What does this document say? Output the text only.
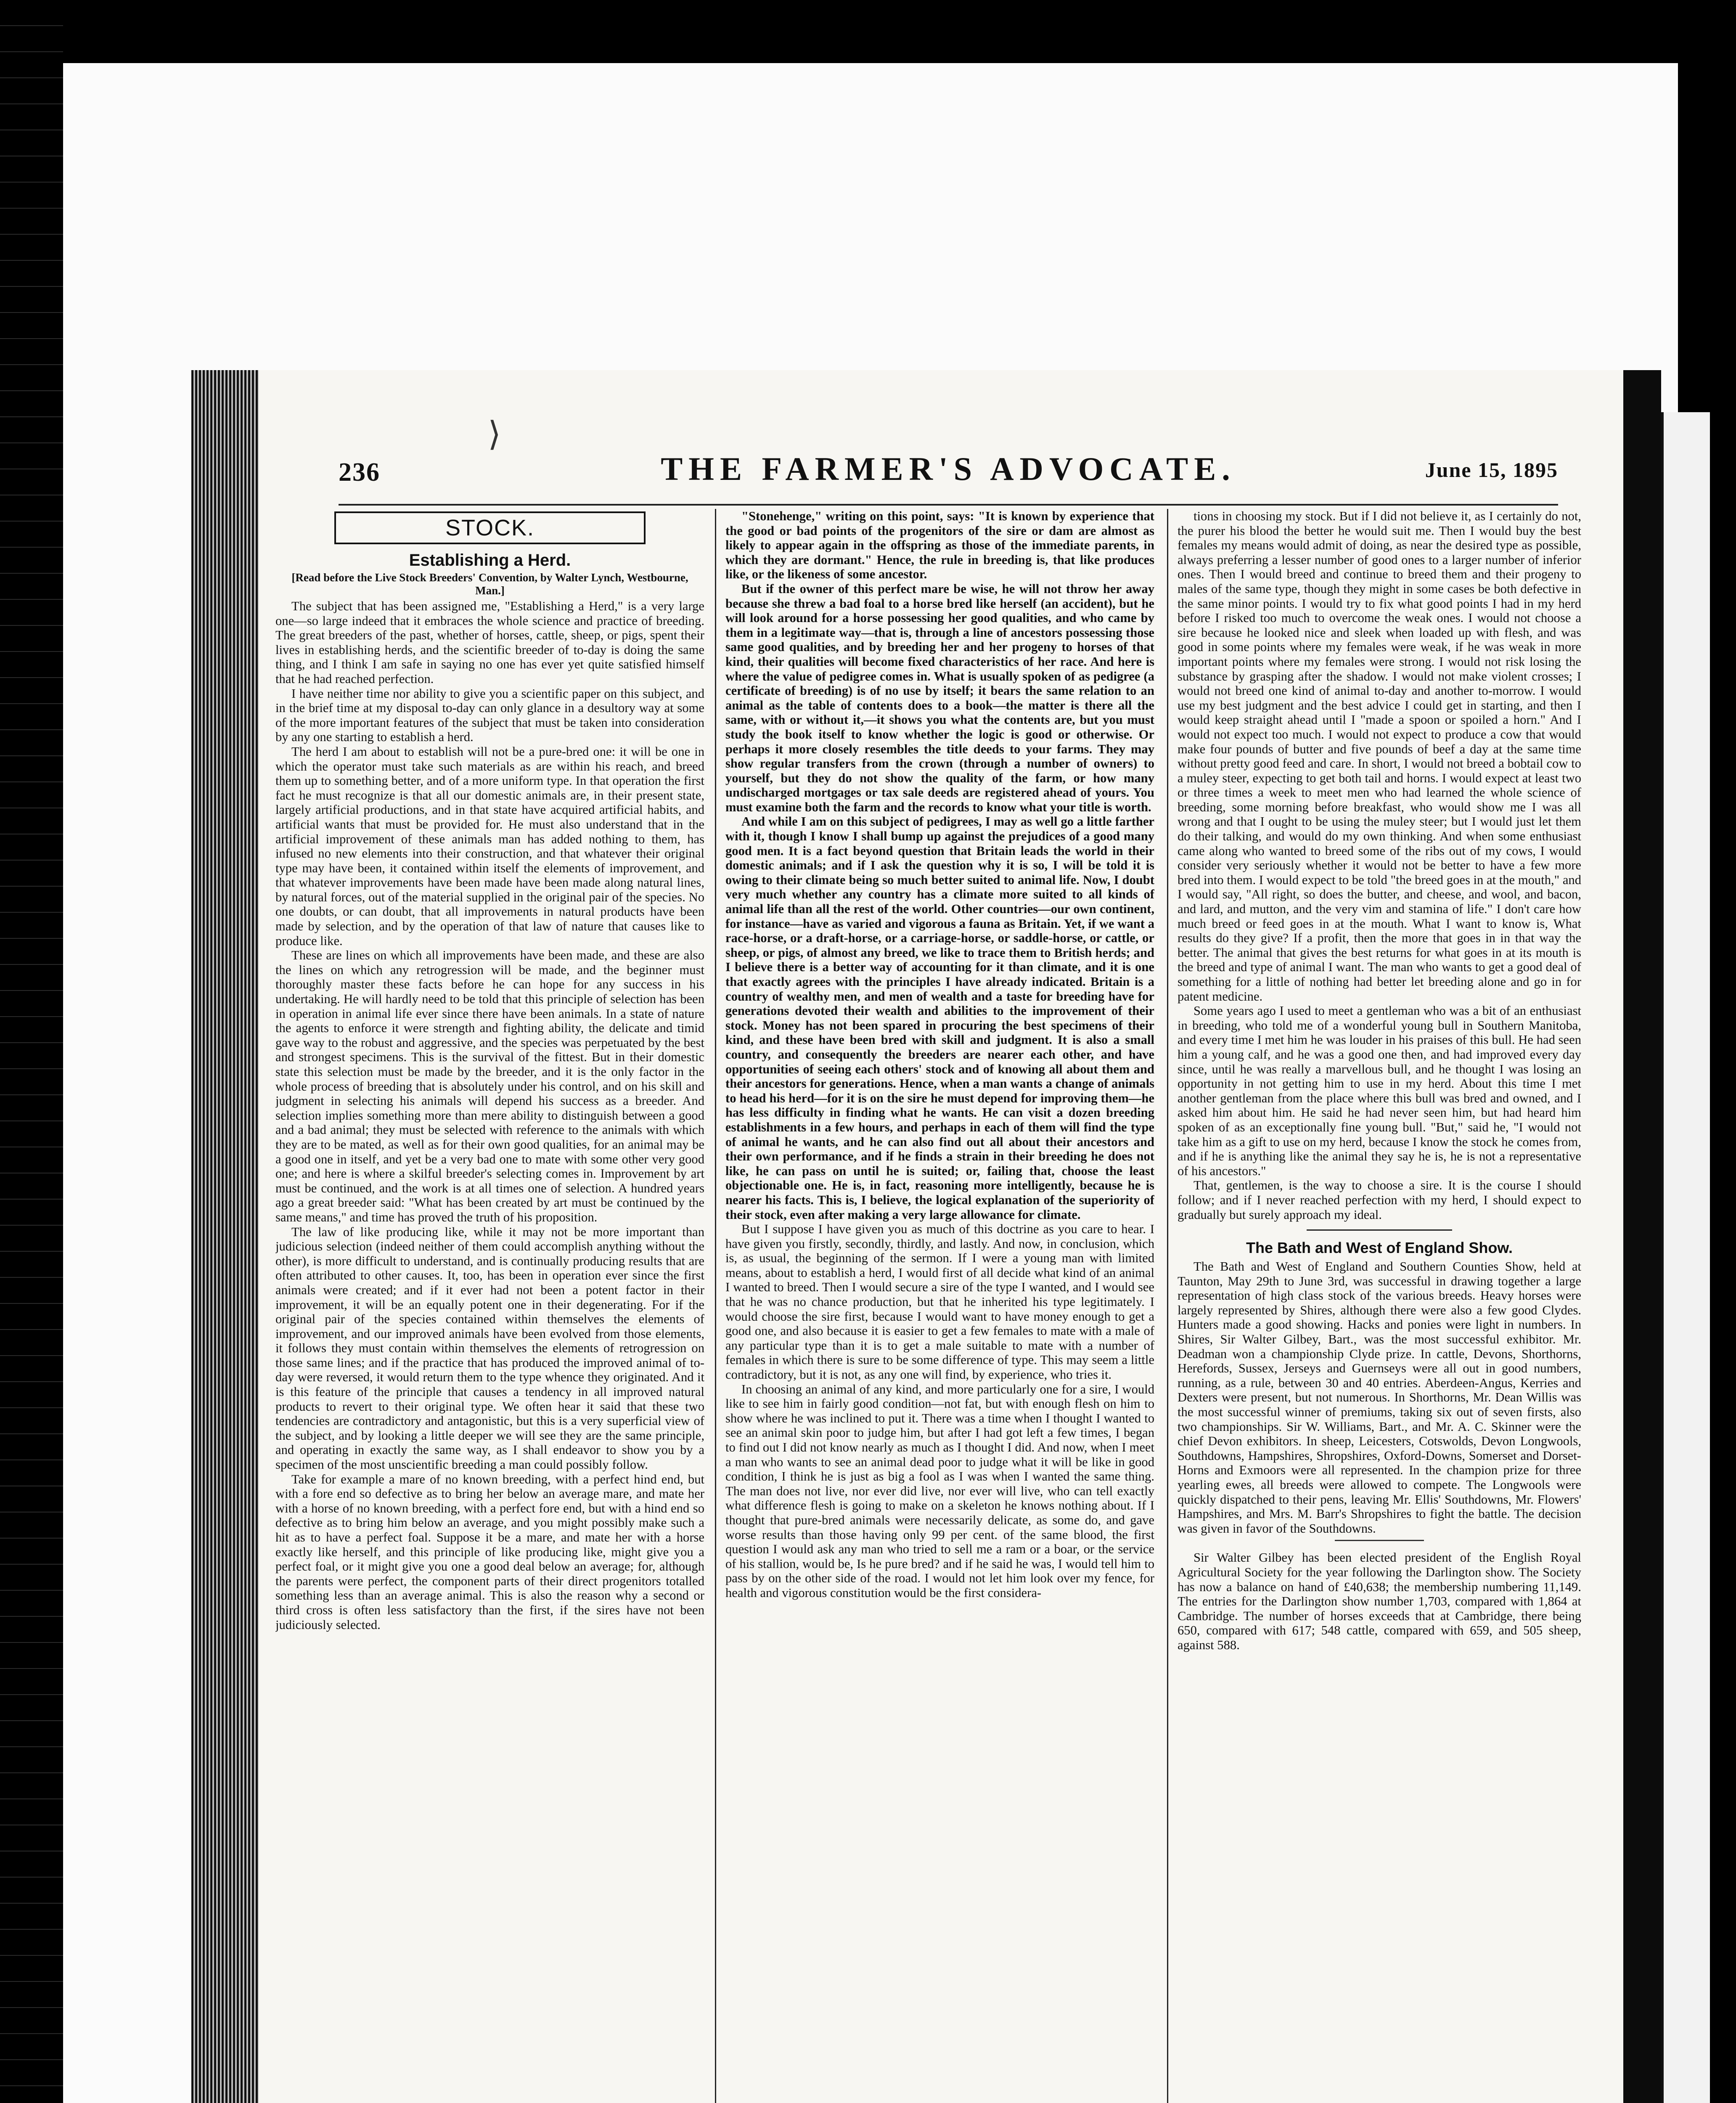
⟩
236	THE FARMER'S ADVOCATE.	June 15, 1895
STOCK.
Establishing a Herd.
[Read before the Live Stock Breeders' Convention, by Walter Lynch, Westbourne, Man.]

The subject that has been assigned me, "Establishing a Herd," is a very large one—so large indeed that it embraces the whole science and practice of breeding. The great breeders of the past, whether of horses, cattle, sheep, or pigs, spent their lives in establishing herds, and the scientific breeder of to-day is doing the same thing, and I think I am safe in saying no one has ever yet quite satisfied himself that he had reached perfection.

I have neither time nor ability to give you a scientific paper on this subject, and in the brief time at my disposal to-day can only glance in a desultory way at some of the more important features of the subject that must be taken into consideration by any one starting to establish a herd.

The herd I am about to establish will not be a pure-bred one: it will be one in which the operator must take such materials as are within his reach, and breed them up to something better, and of a more uniform type. In that operation the first fact he must recognize is that all our domestic animals are, in their present state, largely artificial productions, and in that state have acquired artificial habits, and artificial wants that must be provided for. He must also understand that in the artificial improvement of these animals man has added nothing to them, has infused no new elements into their construction, and that whatever their original type may have been, it contained within itself the elements of improvement, and that whatever improvements have been made have been made along natural lines, by natural forces, out of the material supplied in the original pair of the species. No one doubts, or can doubt, that all improvements in natural products have been made by selection, and by the operation of that law of nature that causes like to produce like.

These are lines on which all improvements have been made, and these are also the lines on which any retrogression will be made, and the beginner must thoroughly master these facts before he can hope for any success in his undertaking. He will hardly need to be told that this principle of selection has been in operation in animal life ever since there have been animals. In a state of nature the agents to enforce it were strength and fighting ability, the delicate and timid gave way to the robust and aggressive, and the species was perpetuated by the best and strongest specimens. This is the survival of the fittest. But in their domestic state this selection must be made by the breeder, and it is the only factor in the whole process of breeding that is absolutely under his control, and on his skill and judgment in selecting his animals will depend his success as a breeder. And selection implies something more than mere ability to distinguish between a good and a bad animal; they must be selected with reference to the animals with which they are to be mated, as well as for their own good qualities, for an animal may be a good one in itself, and yet be a very bad one to mate with some other very good one; and here is where a skilful breeder's selecting comes in. Improvement by art must be continued, and the work is at all times one of selection. A hundred years ago a great breeder said: "What has been created by art must be continued by the same means," and time has proved the truth of his proposition.

The law of like producing like, while it may not be more important than judicious selection (indeed neither of them could accomplish anything without the other), is more difficult to understand, and is continually producing results that are often attributed to other causes. It, too, has been in operation ever since the first animals were created; and if it ever had not been a potent factor in their improvement, it will be an equally potent one in their degenerating. For if the original pair of the species contained within themselves the elements of improvement, and our improved animals have been evolved from those elements, it follows they must contain within themselves the elements of retrogression on those same lines; and if the practice that has produced the improved animal of to-day were reversed, it would return them to the type whence they originated. And it is this feature of the principle that causes a tendency in all improved natural products to revert to their original type. We often hear it said that these two tendencies are contradictory and antagonistic, but this is a very superficial view of the subject, and by looking a little deeper we will see they are the same principle, and operating in exactly the same way, as I shall endeavor to show you by a specimen of the most unscientific breeding a man could possibly follow.

Take for example a mare of no known breeding, with a perfect hind end, but with a fore end so defective as to bring her below an average mare, and mate her with a horse of no known breeding, with a perfect fore end, but with a hind end so defective as to bring him below an average, and you might possibly make such a hit as to have a perfect foal. Suppose it be a mare, and mate her with a horse exactly like herself, and this principle of like producing like, might give you a perfect foal, or it might give you one a good deal below an average; for, although the parents were perfect, the component parts of their direct progenitors totalled something less than an average animal. This is also the reason why a second or third cross is often less satisfactory than the first, if the sires have not been judiciously selected.

"Stonehenge," writing on this point, says: "It is known by experience that the good or bad points of the progenitors of the sire or dam are almost as likely to appear again in the offspring as those of the immediate parents, in which they are dormant." Hence, the rule in breeding is, that like produces like, or the likeness of some ancestor.

But if the owner of this perfect mare be wise, he will not throw her away because she threw a bad foal to a horse bred like herself (an accident), but he will look around for a horse possessing her good qualities, and who came by them in a legitimate way—that is, through a line of ancestors possessing those same good qualities, and by breeding her and her progeny to horses of that kind, their qualities will become fixed characteristics of her race. And here is where the value of pedigree comes in. What is usually spoken of as pedigree (a certificate of breeding) is of no use by itself; it bears the same relation to an animal as the table of contents does to a book—the matter is there all the same, with or without it,—it shows you what the contents are, but you must study the book itself to know whether the logic is good or otherwise. Or perhaps it more closely resembles the title deeds to your farms. They may show regular transfers from the crown (through a number of owners) to yourself, but they do not show the quality of the farm, or how many undischarged mortgages or tax sale deeds are registered ahead of yours. You must examine both the farm and the records to know what your title is worth.

And while I am on this subject of pedigrees, I may as well go a little farther with it, though I know I shall bump up against the prejudices of a good many good men. It is a fact beyond question that Britain leads the world in their domestic animals; and if I ask the question why it is so, I will be told it is owing to their climate being so much better suited to animal life. Now, I doubt very much whether any country has a climate more suited to all kinds of animal life than all the rest of the world. Other countries—our own continent, for instance—have as varied and vigorous a fauna as Britain. Yet, if we want a race-horse, or a draft-horse, or a carriage-horse, or saddle-horse, or cattle, or sheep, or pigs, of almost any breed, we like to trace them to British herds; and I believe there is a better way of accounting for it than climate, and it is one that exactly agrees with the principles I have already indicated. Britain is a country of wealthy men, and men of wealth and a taste for breeding have for generations devoted their wealth and abilities to the improvement of their stock. Money has not been spared in procuring the best specimens of their kind, and these have been bred with skill and judgment. It is also a small country, and consequently the breeders are nearer each other, and have opportunities of seeing each others' stock and of knowing all about them and their ancestors for generations. Hence, when a man wants a change of animals to head his herd—for it is on the sire he must depend for improving them—he has less difficulty in finding what he wants. He can visit a dozen breeding establishments in a few hours, and perhaps in each of them will find the type of animal he wants, and he can also find out all about their ancestors and their own performance, and if he finds a strain in their breeding he does not like, he can pass on until he is suited; or, failing that, choose the least objectionable one. He is, in fact, reasoning more intelligently, because he is nearer his facts. This is, I believe, the logical explanation of the superiority of their stock, even after making a very large allowance for climate.

But I suppose I have given you as much of this doctrine as you care to hear. I have given you firstly, secondly, thirdly, and lastly. And now, in conclusion, which is, as usual, the beginning of the sermon. If I were a young man with limited means, about to establish a herd, I would first of all decide what kind of an animal I wanted to breed. Then I would secure a sire of the type I wanted, and I would see that he was no chance production, but that he inherited his type legitimately. I would choose the sire first, because I would want to have money enough to get a good one, and also because it is easier to get a few females to mate with a male of any particular type than it is to get a male suitable to mate with a number of females in which there is sure to be some difference of type. This may seem a little contradictory, but it is not, as any one will find, by experience, who tries it.

In choosing an animal of any kind, and more particularly one for a sire, I would like to see him in fairly good condition—not fat, but with enough flesh on him to show where he was inclined to put it. There was a time when I thought I wanted to see an animal skin poor to judge him, but after I had got left a few times, I began to find out I did not know nearly as much as I thought I did. And now, when I meet a man who wants to see an animal dead poor to judge what it will be like in good condition, I think he is just as big a fool as I was when I wanted the same thing. The man does not live, nor ever did live, nor ever will live, who can tell exactly what difference flesh is going to make on a skeleton he knows nothing about. If I thought that pure-bred animals were necessarily delicate, as some do, and gave worse results than those having only 99 per cent. of the same blood, the first question I would ask any man who tried to sell me a ram or a boar, or the service of his stallion, would be, Is he pure bred? and if he said he was, I would tell him to pass by on the other side of the road. I would not let him look over my fence, for health and vigorous constitution would be the first considera-

tions in choosing my stock. But if I did not believe it, as I certainly do not, the purer his blood the better he would suit me. Then I would buy the best females my means would admit of doing, as near the desired type as possible, always preferring a lesser number of good ones to a larger number of inferior ones. Then I would breed and continue to breed them and their progeny to males of the same type, though they might in some cases be both defective in the same minor points. I would try to fix what good points I had in my herd before I risked too much to overcome the weak ones. I would not choose a sire because he looked nice and sleek when loaded up with flesh, and was good in some points where my females were weak, if he was weak in more important points where my females were strong. I would not risk losing the substance by grasping after the shadow. I would not make violent crosses; I would not breed one kind of animal to-day and another to-morrow. I would use my best judgment and the best advice I could get in starting, and then I would keep straight ahead until I "made a spoon or spoiled a horn." And I would not expect too much. I would not expect to produce a cow that would make four pounds of butter and five pounds of beef a day at the same time without pretty good feed and care. In short, I would not breed a bobtail cow to a muley steer, expecting to get both tail and horns. I would expect at least two or three times a week to meet men who had learned the whole science of breeding, some morning before breakfast, who would show me I was all wrong and that I ought to be using the muley steer; but I would just let them do their talking, and would do my own thinking. And when some enthusiast came along who wanted to breed some of the ribs out of my cows, I would consider very seriously whether it would not be better to have a few more bred into them. I would expect to be told "the breed goes in at the mouth," and I would say, "All right, so does the butter, and cheese, and wool, and bacon, and lard, and mutton, and the very vim and stamina of life." I don't care how much breed or feed goes in at the mouth. What I want to know is, What results do they give? If a profit, then the more that goes in in that way the better. The animal that gives the best returns for what goes in at its mouth is the breed and type of animal I want. The man who wants to get a good deal of something for a little of nothing had better let breeding alone and go in for patent medicine.

Some years ago I used to meet a gentleman who was a bit of an enthusiast in breeding, who told me of a wonderful young bull in Southern Manitoba, and every time I met him he was louder in his praises of this bull. He had seen him a young calf, and he was a good one then, and had improved every day since, until he was really a marvellous bull, and he thought I was losing an opportunity in not getting him to use in my herd. About this time I met another gentleman from the place where this bull was bred and owned, and I asked him about him. He said he had never seen him, but had heard him spoken of as an exceptionally fine young bull. "But," said he, "I would not take him as a gift to use on my herd, because I know the stock he comes from, and if he is anything like the animal they say he is, he is not a representative of his ancestors."

That, gentlemen, is the way to choose a sire. It is the course I should follow; and if I never reached perfection with my herd, I should expect to gradually but surely approach my ideal.

The Bath and West of England Show.

The Bath and West of England and Southern Counties Show, held at Taunton, May 29th to June 3rd, was successful in drawing together a large representation of high class stock of the various breeds. Heavy horses were largely represented by Shires, although there were also a few good Clydes. Hunters made a good showing. Hacks and ponies were light in numbers. In Shires, Sir Walter Gilbey, Bart., was the most successful exhibitor. Mr. Deadman won a championship Clyde prize. In cattle, Devons, Shorthorns, Herefords, Sussex, Jerseys and Guernseys were all out in good numbers, running, as a rule, between 30 and 40 entries. Aberdeen-Angus, Kerries and Dexters were present, but not numerous. In Shorthorns, Mr. Dean Willis was the most successful winner of premiums, taking six out of seven firsts, also two championships. Sir W. Williams, Bart., and Mr. A. C. Skinner were the chief Devon exhibitors. In sheep, Leicesters, Cotswolds, Devon Longwools, Southdowns, Hampshires, Shropshires, Oxford-Downs, Somerset and Dorset-Horns and Exmoors were all represented. In the champion prize for three yearling ewes, all breeds were allowed to compete. The Longwools were quickly dispatched to their pens, leaving Mr. Ellis' Southdowns, Mr. Flowers' Hampshires, and Mrs. M. Barr's Shropshires to fight the battle. The decision was given in favor of the Southdowns.

Sir Walter Gilbey has been elected president of the English Royal Agricultural Society for the year following the Darlington show. The Society has now a balance on hand of £40,638; the membership numbering 11,149. The entries for the Darlington show number 1,703, compared with 1,864 at Cambridge. The number of horses exceeds that at Cambridge, there being 650, compared with 617; 548 cattle, compared with 659, and 505 sheep, against 588.
